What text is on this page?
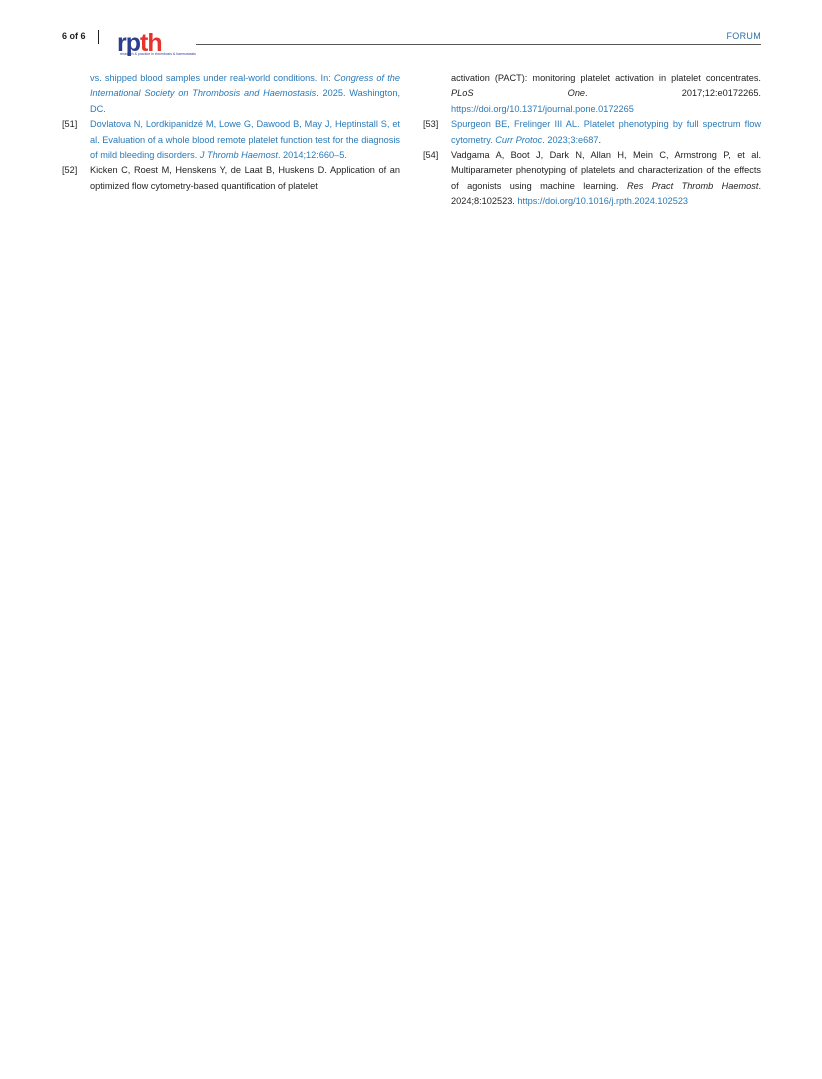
6 of 6 rpth
research & practice in thrombosis & haemostasis
FORUM
vs. shipped blood samples under real-world conditions. In: Congress of the International Society on Thrombosis and Haemostasis. 2025. Washington, DC.
[51] Dovlatova N, Lordkipanidzé M, Lowe G, Dawood B, May J, Heptinstall S, et al. Evaluation of a whole blood remote platelet function test for the diagnosis of mild bleeding disorders. J Thromb Haemost. 2014;12:660–5.
[52] Kicken C, Roest M, Henskens Y, de Laat B, Huskens D. Application of an optimized flow cytometry-based quantification of platelet
activation (PACT): monitoring platelet activation in platelet concentrates. PLoS One. 2017;12:e0172265. https://doi.org/10.1371/journal.pone.0172265
[53] Spurgeon BE, Frelinger III AL. Platelet phenotyping by full spectrum flow cytometry. Curr Protoc. 2023;3:e687.
[54] Vadgama A, Boot J, Dark N, Allan H, Mein C, Armstrong P, et al. Multiparameter phenotyping of platelets and characterization of the effects of agonists using machine learning. Res Pract Thromb Haemost. 2024;8:102523. https://doi.org/10.1016/j.rpth.2024.102523
